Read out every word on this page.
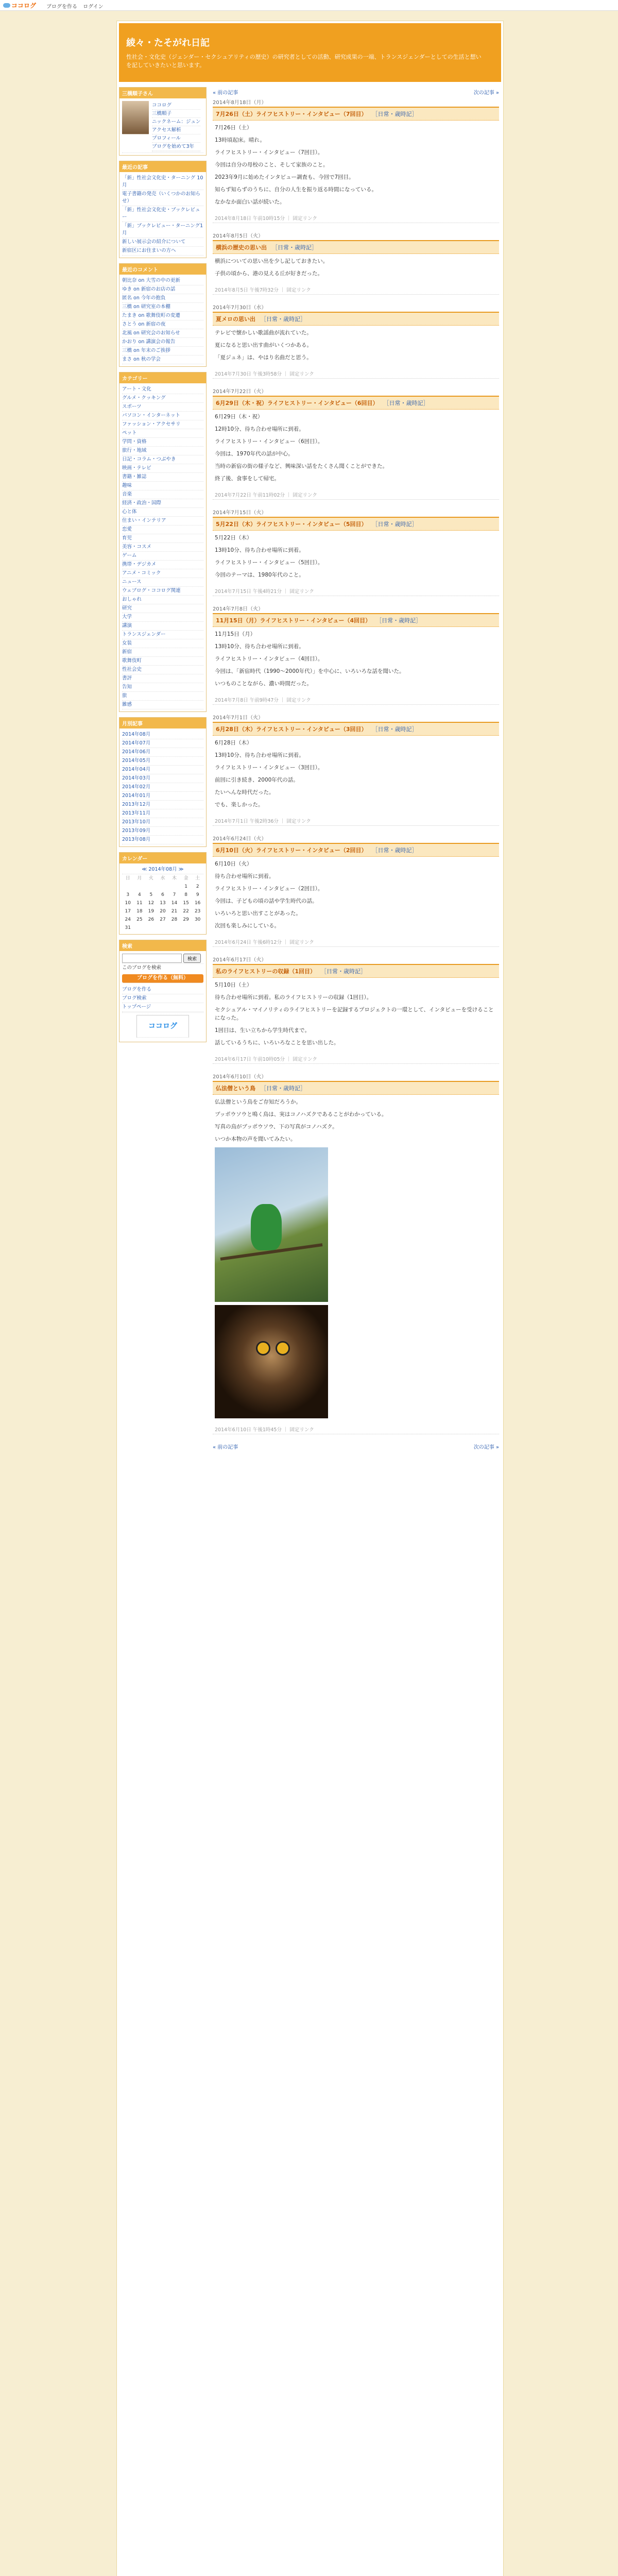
ココログ ブログを作る ログイン
綾々・たそがれ日記
性社会・文化史（ジェンダー・セクシュアリティの歴史）の研究者としての活動、研究成果の一端、トランスジェンダーとしての生活と想いを記していきたいと思います。
三橋順子さん
ココログ
三橋順子
ニックネーム：ジュン
アクセス解析
プロフィール
ブログを始めて3年
最近の記事
「新」性社会文化史・ターニング 10月
電子書籍の発売（いくつかのお知らせ）
「新」性社会文化史・ブックレビュー
「新」ブックレビュー・ターニング1月
新しい展示会の紹介について
新宿区にお住まいの方へ
最近のコメント
朝比奈 on 大雪の中の更新
ゆき on 新宿のお店の話
匿名 on 今年の抱負
三橋 on 研究室の本棚
たまき on 歌舞伎町の変遷
さとう on 新宿の夜
北風 on 研究会のお知らせ
かおり on 講演会の報告
三橋 on 年末のご挨拶
まさ on 秋の学会
カテゴリー
アート・文化
グルメ・クッキング
スポーツ
パソコン・インターネット
ファッション・アクセサリ
ペット
学問・資格
旅行・地域
日記・コラム・つぶやき
映画・テレビ
書籍・雑誌
趣味
音楽
経済・政治・国際
心と体
住まい・インテリア
恋愛
育児
美容・コスメ
ゲーム
携帯・デジカメ
アニメ・コミック
ニュース
ウェブログ・ココログ関連
おしゃれ
研究
大学
講演
トランスジェンダー
女装
新宿
歌舞伎町
性社会史
書評
告知
旅
雑感
月別記事
2014年08月
2014年07月
2014年06月
2014年05月
2014年04月
2014年03月
2014年02月
2014年01月
2013年12月
2013年11月
2013年10月
2013年09月
2013年08月
カレンダー
≪ 2014年08月 ≫
日	月	火	水	木	金	土
					1	2
3	4	5	6	7	8	9
10	11	12	13	14	15	16
17	18	19	20	21	22	23
24	25	26	27	28	29	30
31						
検索
検索
このブログを検索
ブログを作る（無料）
ブログを作る
ブログ検索
トップページ
ココログ
« 前の記事	次の記事 »
2014年8月18日（月）
7月26日（土）ライフヒストリー・インタビュー（7回目） ［日常・歳時記］

7月26日（土）

13時頃起床。晴れ。

ライフヒストリー・インタビュー（7回目）。

今回は自分の母校のこと、そして家族のこと。

2023年9月に始めたインタビュー調査も、今回で7回目。

知らず知らずのうちに、自分の人生を振り返る時間になっている。

なかなか面白い話が続いた。

2014年8月18日 午前10時15分 ｜ 固定リンク
2014年8月5日（火）
横浜の歴史の思い出 ［日常・歳時記］

横浜についての思い出を少し記しておきたい。

子供の頃から、港の見える丘が好きだった。

2014年8月5日 午後7時32分 ｜ 固定リンク
2014年7月30日（水）
夏メロの思い出 ［日常・歳時記］

テレビで懐かしい歌謡曲が流れていた。

夏になると思い出す曲がいくつかある。

「夏ジュネ」は、やはり名曲だと思う。

2014年7月30日 午後3時58分 ｜ 固定リンク
2014年7月22日（火）
6月29日（木・祝）ライフヒストリー・インタビュー（6回目） ［日常・歳時記］

6月29日（木・祝）

12時10分、待ち合わせ場所に到着。

ライフヒストリー・インタビュー（6回目）。

今回は、1970年代の話が中心。

当時の新宿の街の様子など、興味深い話をたくさん聞くことができた。

終了後、食事をして帰宅。

2014年7月22日 午前11時02分 ｜ 固定リンク
2014年7月15日（火）
5月22日（木）ライフヒストリー・インタビュー（5回目） ［日常・歳時記］

5月22日（木）

13時10分、待ち合わせ場所に到着。

ライフヒストリー・インタビュー（5回目）。

今回のテーマは、1980年代のこと。

2014年7月15日 午後4時21分 ｜ 固定リンク
2014年7月8日（火）
11月15日（月）ライフヒストリー・インタビュー（4回目） ［日常・歳時記］

11月15日（月）

13時10分、待ち合わせ場所に到着。

ライフヒストリー・インタビュー（4回目）。

今回は、「新宿時代（1990～2000年代）」を中心に、いろいろな話を聞いた。

いつものことながら、濃い時間だった。

2014年7月8日 午前9時47分 ｜ 固定リンク
2014年7月1日（火）
6月28日（木）ライフヒストリー・インタビュー（3回目） ［日常・歳時記］

6月28日（木）

13時10分、待ち合わせ場所に到着。

ライフヒストリー・インタビュー（3回目）。

前回に引き続き、2000年代の話。

たいへんな時代だった。

でも、楽しかった。

2014年7月1日 午後2時36分 ｜ 固定リンク
2014年6月24日（火）
6月10日（火）ライフヒストリー・インタビュー（2回目） ［日常・歳時記］

6月10日（火）

待ち合わせ場所に到着。

ライフヒストリー・インタビュー（2回目）。

今回は、子どもの頃の話や学生時代の話。

いろいろと思い出すことがあった。

次回も楽しみにしている。

2014年6月24日 午後6時12分 ｜ 固定リンク
2014年6月17日（火）
私のライフヒストリーの収録（1回目） ［日常・歳時記］

5月10日（土）

待ち合わせ場所に到着。私のライフヒストリーの収録（1回目）。

セクシュアル・マイノリティのライフヒストリーを記録するプロジェクトの一環として、インタビューを受けることになった。

1回目は、生い立ちから学生時代まで。

話しているうちに、いろいろなことを思い出した。

2014年6月17日 午前10時05分 ｜ 固定リンク
2014年6月10日（火）
仏法僧という鳥 ［日常・歳時記］

仏法僧という鳥をご存知だろうか。

ブッポウソウと鳴く鳥は、実はコノハズクであることがわかっている。

写真の鳥がブッポウソウ、下の写真がコノハズク。

いつか本物の声を聞いてみたい。

2014年6月10日 午後1時45分 ｜ 固定リンク
« 前の記事	次の記事 »
